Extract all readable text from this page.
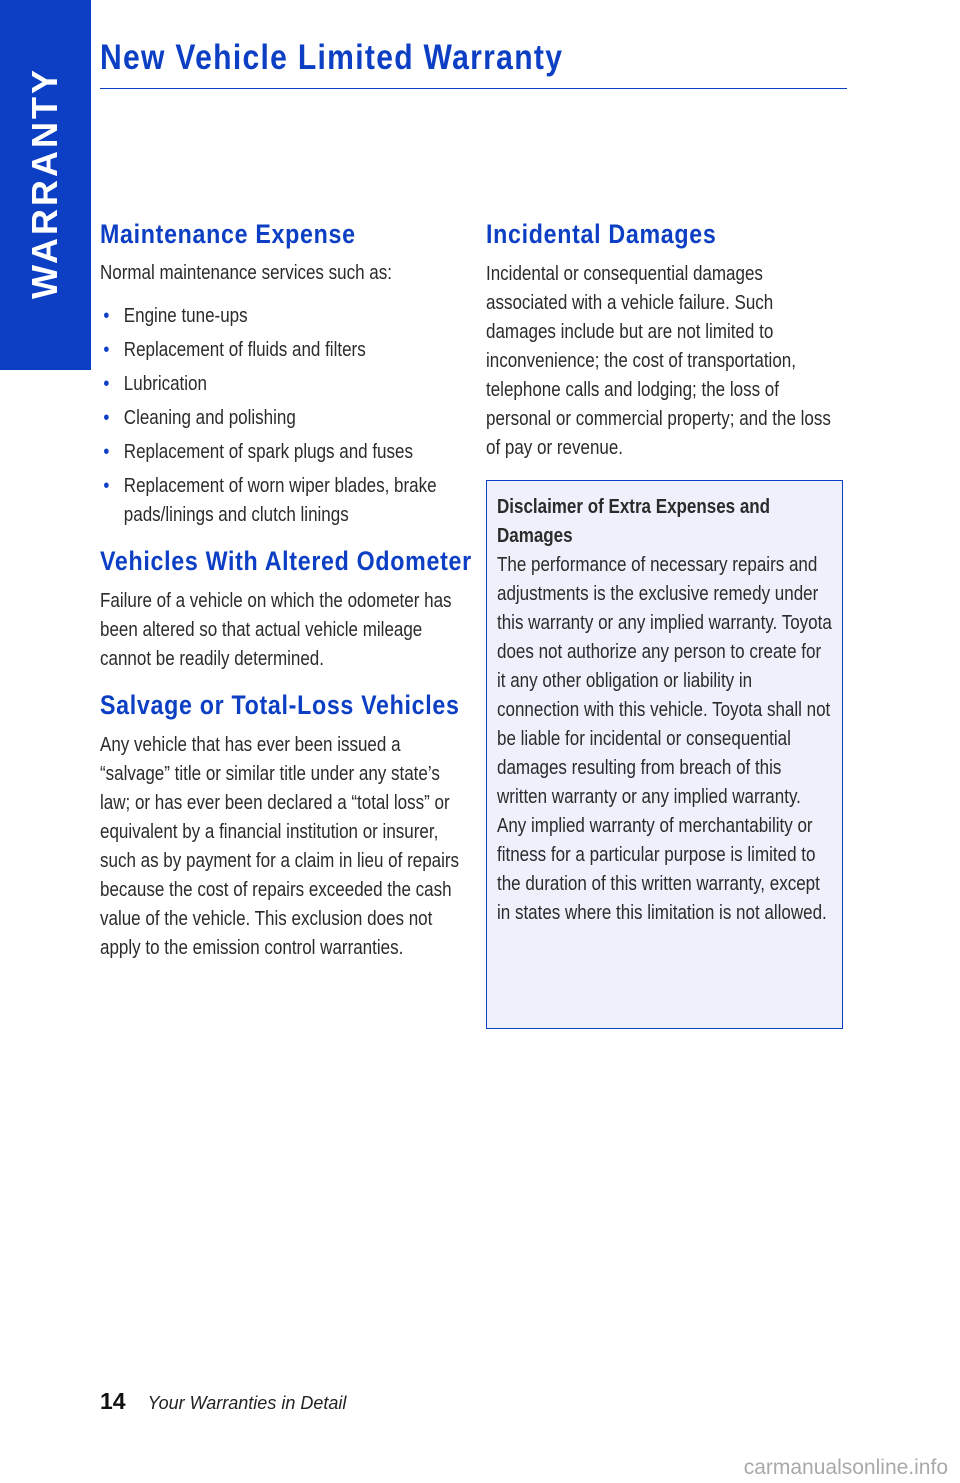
WARRANTY
New Vehicle Limited Warranty
Maintenance Expense

Normal maintenance services such as:

• Engine tune-ups
• Replacement of fluids and filters
• Lubrication
• Cleaning and polishing
• Replacement of spark plugs and fuses
• Replacement of worn wiper blades, brake pads/linings and clutch linings
Vehicles With Altered Odometer

Failure of a vehicle on which the odometer has been altered so that actual vehicle mileage cannot be readily determined.

Salvage or Total-Loss Vehicles

Any vehicle that has ever been issued a “salvage” title or similar title under any state’s law; or has ever been declared a “total loss” or equivalent by a financial institution or insurer, such as by payment for a claim in lieu of repairs because the cost of repairs exceeded the cash value of the vehicle. This exclusion does not apply to the emission control warranties.

Incidental Damages

Incidental or consequential damages associated with a vehicle failure. Such damages include but are not limited to inconvenience; the cost of transportation, telephone calls and lodging; the loss of personal or commercial property; and the loss of pay or revenue.

Disclaimer of Extra Expenses and Damages

The performance of necessary repairs and adjustments is the exclusive remedy under this warranty or any implied warranty. Toyota does not authorize any person to create for it any other obligation or liability in connection with this vehicle. Toyota shall not be liable for incidental or consequential damages resulting from breach of this written warranty or any implied warranty. Any implied warranty of merchantability or fitness for a particular purpose is limited to the duration of this written warranty, except in states where this limitation is not allowed.

14 Your Warranties in Detail
carmanualsonline.info
